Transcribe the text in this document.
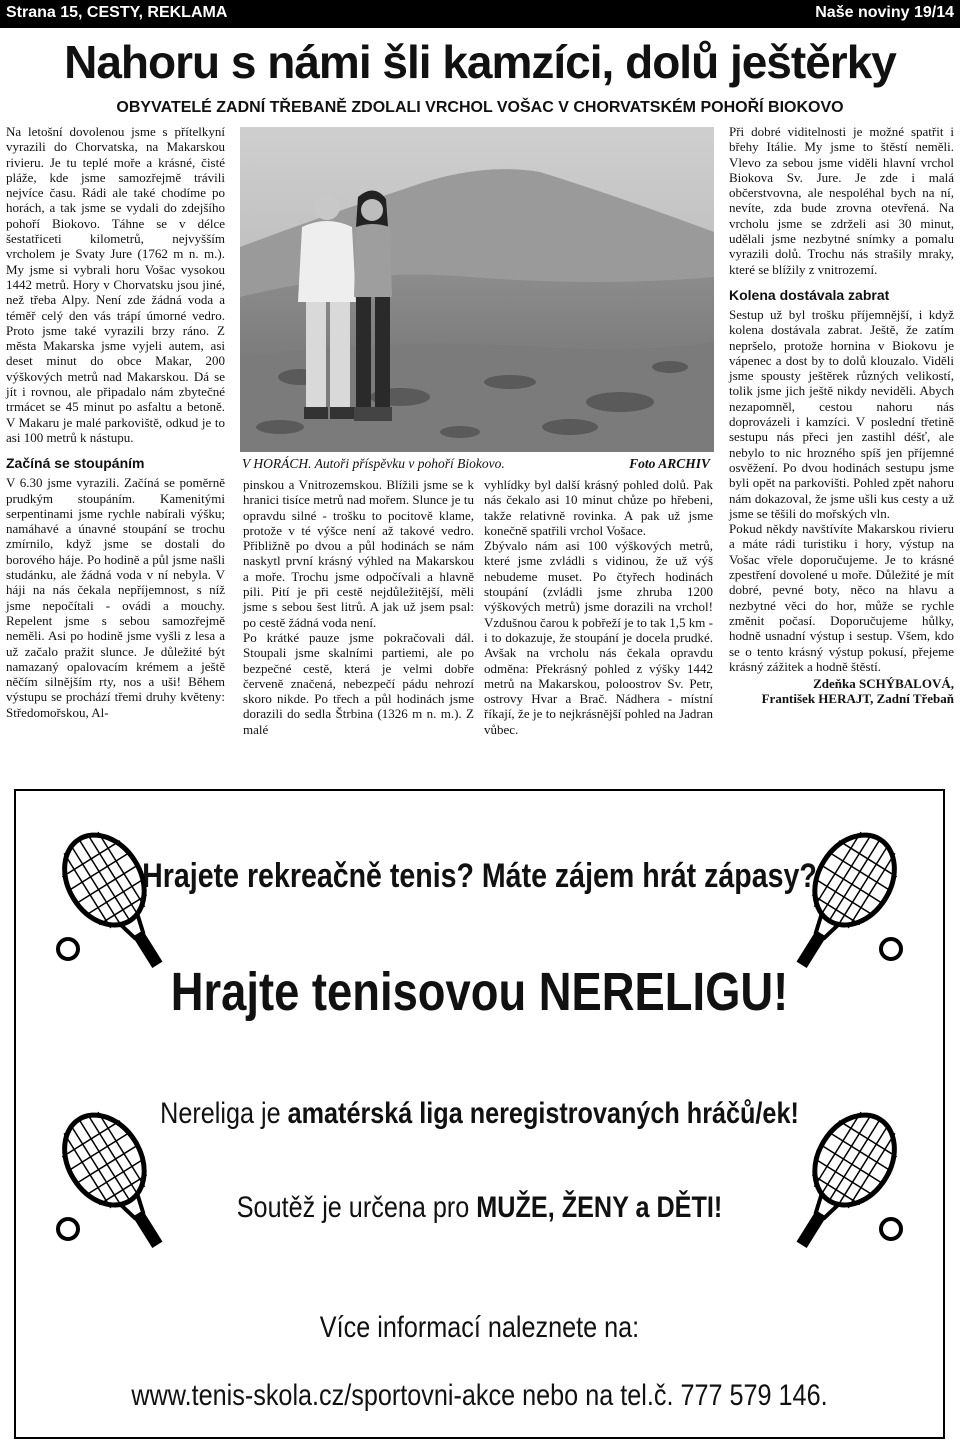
Strana 15, CESTY, REKLAMA	Naše noviny 19/14
Nahoru s námi šli kamzíci, dolů ještěrky
OBYVATELÉ ZADNÍ TŘEBANĚ ZDOLALI VRCHOL VOŠAC V CHORVATSKÉM POHOŘÍ BIOKOVO

Na letošní dovolenou jsme s přítelkyní vyrazili do Chorvatska, na Makarskou rivieru. Je tu teplé moře a krásné, čisté pláže, kde jsme samozřejmě trávili nejvíce času. Rádi ale také chodíme po horách, a tak jsme se vydali do zdejšího pohoří Biokovo. Táhne se v délce šestatřiceti kilometrů, nejvyšším vrcholem je Svaty Jure (1762 m n. m.). My jsme si vybrali horu Vošac vysokou 1442 metrů. Hory v Chorvatsku jsou jiné, než třeba Alpy. Není zde žádná voda a téměř celý den vás trápí úmorné vedro. Proto jsme také vyrazili brzy ráno. Z města Makarska jsme vyjeli autem, asi deset minut do obce Makar, 200 výškových metrů nad Makarskou. Dá se jít i rovnou, ale připadalo nám zbytečné trmácet se 45 minut po asfaltu a betoně. V Makaru je malé parkoviště, odkud je to asi 100 metrů k nástupu.

Začíná se stoupáním

V 6.30 jsme vyrazili. Začíná se poměrně prudkým stoupáním. Kamenitými serpentinami jsme rychle nabírali výšku; namáhavé a únavné stoupání se trochu zmírnilo, když jsme se dostali do borového háje. Po hodině a půl jsme našli studánku, ale žádná voda v ní nebyla. V háji na nás čekala nepříjemnost, s níž jsme nepočítali - ovádi a mouchy. Repelent jsme s sebou samozřejmě neměli. Asi po hodině jsme vyšli z lesa a už začalo pražit slunce. Je důležité být namazaný opalovacím krémem a ještě něčím silnějším rty, nos a uši! Během výstupu se prochází třemi druhy květeny: Středomořskou, Al-

V HORÁCH. Autoři příspěvku v pohoří Biokovo.	Foto ARCHIV

pinskou a Vnitrozemskou. Blížili jsme se k hranici tisíce metrů nad mořem. Slunce je tu opravdu silné - trošku to pocitově klame, protože v té výšce není až takové vedro. Přibližně po dvou a půl hodinách se nám naskytl první krásný výhled na Makarskou a moře. Trochu jsme odpočívali a hlavně pili. Pití je při cestě nejdůležitější, měli jsme s sebou šest litrů. A jak už jsem psal: po cestě žádná voda není.

Po krátké pauze jsme pokračovali dál. Stoupali jsme skalními partiemi, ale po bezpečné cestě, která je velmi dobře červeně značená, nebezpečí pádu nehrozí skoro nikde. Po třech a půl hodinách jsme dorazili do sedla Štrbina (1326 m n. m.). Z malé

vyhlídky byl další krásný pohled dolů. Pak nás čekalo asi 10 minut chůze po hřebeni, takže relativně rovinka. A pak už jsme konečně spatřili vrchol Vošace.

Zbývalo nám asi 100 výškových metrů, které jsme zvládli s vidinou, že už výš nebudeme muset. Po čtyřech hodinách stoupání (zvládli jsme zhruba 1200 výškových metrů) jsme dorazili na vrchol! Vzdušnou čarou k pobřeží je to tak 1,5 km - i to dokazuje, že stoupání je docela prudké. Avšak na vrcholu nás čekala opravdu odměna: Překrásný pohled z výšky 1442 metrů na Makarskou, poloostrov Sv. Petr, ostrovy Hvar a Brač. Nádhera - místní říkají, že je to nejkrásnější pohled na Jadran vůbec.

Při dobré viditelnosti je možné spatřit i břehy Itálie. My jsme to štěstí neměli. Vlevo za sebou jsme viděli hlavní vrchol Biokova Sv. Jure. Je zde i malá občerstvovna, ale nespoléhal bych na ní, nevíte, zda bude zrovna otevřená. Na vrcholu jsme se zdrželi asi 30 minut, udělali jsme nezbytné snímky a pomalu vyrazili dolů. Trochu nás strašily mraky, které se blížily z vnitrozemí.

Kolena dostávala zabrat

Sestup už byl trošku příjemnější, i když kolena dostávala zabrat. Ještě, že zatím nepršelo, protože hornina v Biokovu je vápenec a dost by to dolů klouzalo. Viděli jsme spousty ještěrek různých velikostí, tolik jsme jich ještě nikdy neviděli. Abych nezapomněl, cestou nahoru nás doprovázeli i kamzíci. V poslední třetině sestupu nás přeci jen zastihl déšť, ale nebylo to nic hrozného spíš jen příjemné osvěžení. Po dvou hodinách sestupu jsme byli opět na parkovišti. Pohled zpět nahoru nám dokazoval, že jsme ušli kus cesty a už jsme se těšili do mořských vln.

Pokud někdy navštívíte Makarskou rivieru a máte rádi turistiku i hory, výstup na Vošac vřele doporučujeme. Je to krásné zpestření dovolené u moře. Důležité je mít dobré, pevné boty, něco na hlavu a nezbytné věci do hor, může se rychle změnit počasí. Doporučujeme hůlky, hodně usnadní výstup i sestup. Všem, kdo se o tento krásný výstup pokusí, přejeme krásný zážitek a hodně štěstí.

Zdeňka SCHÝBALOVÁ,
František HERAJT, Zadní Třebaň
Hrajete rekreačně tenis? Máte zájem hrát zápasy?
Hrajte tenisovou NERELIGU!
Nereliga je amatérská liga neregistrovaných hráčů/ek!
Soutěž je určena pro MUŽE, ŽENY a DĚTI!
Více informací naleznete na:
www.tenis-skola.cz/sportovni-akce nebo na tel.č. 777 579 146.
